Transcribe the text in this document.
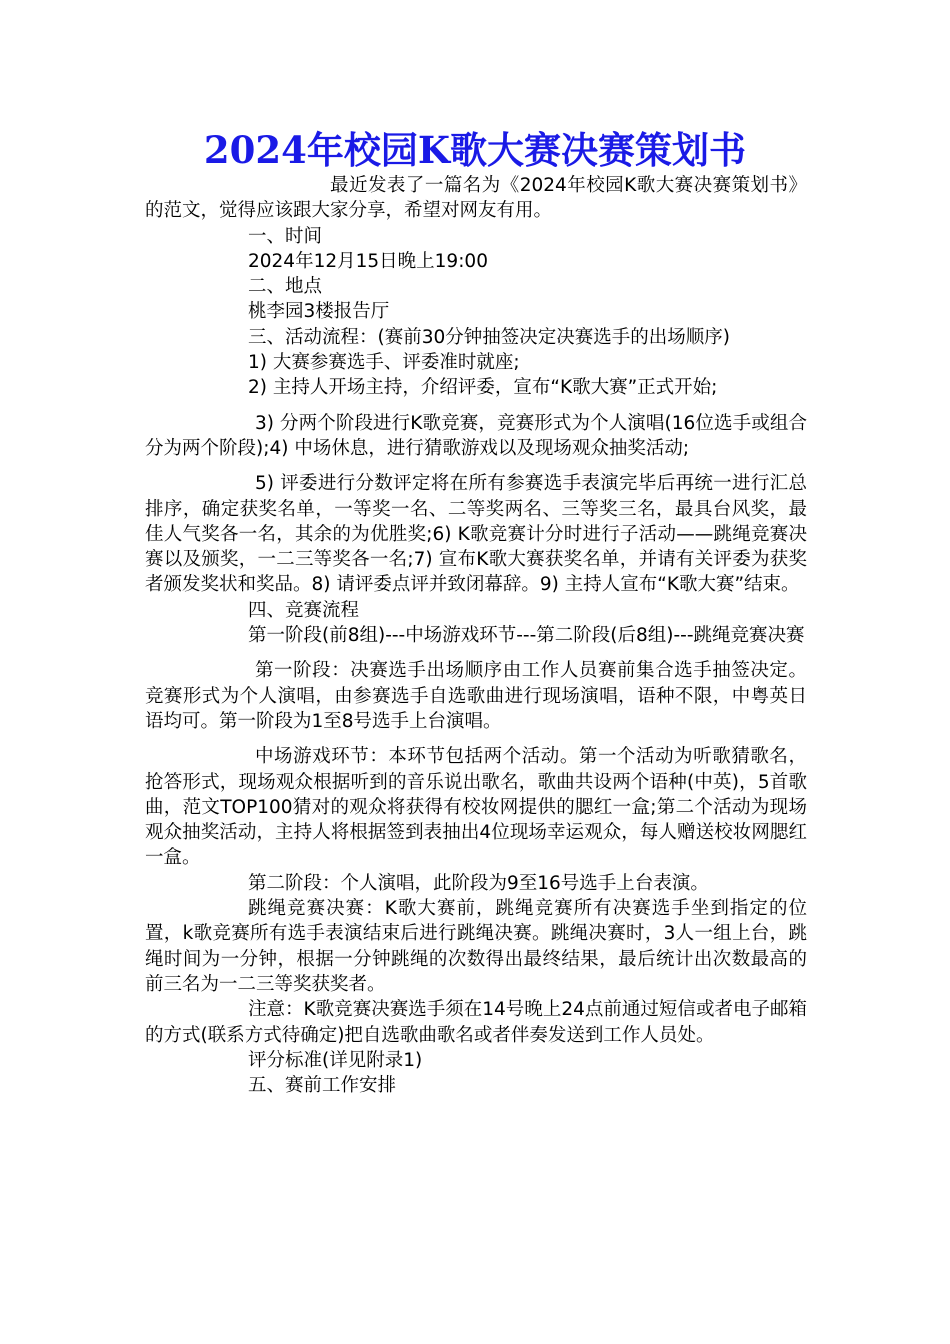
2024年校园K歌大赛决赛策划书

最近发表了一篇名为《2024年校园K歌大赛决赛策划书》的范文，觉得应该跟大家分享，希望对网友有用。

一、时间

2024年12月15日晚上19:00

二、地点

桃李园3楼报告厅

三、活动流程：(赛前30分钟抽签决定决赛选手的出场顺序)

1) 大赛参赛选手、评委准时就座;

2) 主持人开场主持，介绍评委，宣布“K歌大赛”正式开始;

3) 分两个阶段进行K歌竞赛，竞赛形式为个人演唱(16位选手或组合分为两个阶段);4) 中场休息，进行猜歌游戏以及现场观众抽奖活动;

5) 评委进行分数评定将在所有参赛选手表演完毕后再统一进行汇总排序，确定获奖名单，一等奖一名、二等奖两名、三等奖三名，最具台风奖，最佳人气奖各一名，其余的为优胜奖;6) K歌竞赛计分时进行子活动——跳绳竞赛决赛以及颁奖，一二三等奖各一名;7) 宣布K歌大赛获奖名单，并请有关评委为获奖者颁发奖状和奖品。8) 请评委点评并致闭幕辞。9) 主持人宣布“K歌大赛”结束。

四、竞赛流程

第一阶段(前8组)---中场游戏环节---第二阶段(后8组)---跳绳竞赛决赛

第一阶段：决赛选手出场顺序由工作人员赛前集合选手抽签决定。竞赛形式为个人演唱，由参赛选手自选歌曲进行现场演唱，语种不限，中粤英日语均可。第一阶段为1至8号选手上台演唱。

中场游戏环节：本环节包括两个活动。第一个活动为听歌猜歌名，抢答形式，现场观众根据听到的音乐说出歌名，歌曲共设两个语种(中英)，5首歌曲，范文TOP100猜对的观众将获得有校妆网提供的腮红一盒;第二个活动为现场观众抽奖活动，主持人将根据签到表抽出4位现场幸运观众，每人赠送校妆网腮红一盒。

第二阶段：个人演唱，此阶段为9至16号选手上台表演。

跳绳竞赛决赛：K歌大赛前，跳绳竞赛所有决赛选手坐到指定的位置，k歌竞赛所有选手表演结束后进行跳绳决赛。跳绳决赛时，3人一组上台，跳绳时间为一分钟，根据一分钟跳绳的次数得出最终结果，最后统计出次数最高的前三名为一二三等奖获奖者。

注意：K歌竞赛决赛选手须在14号晚上24点前通过短信或者电子邮箱的方式(联系方式待确定)把自选歌曲歌名或者伴奏发送到工作人员处。

评分标准(详见附录1)

五、赛前工作安排
